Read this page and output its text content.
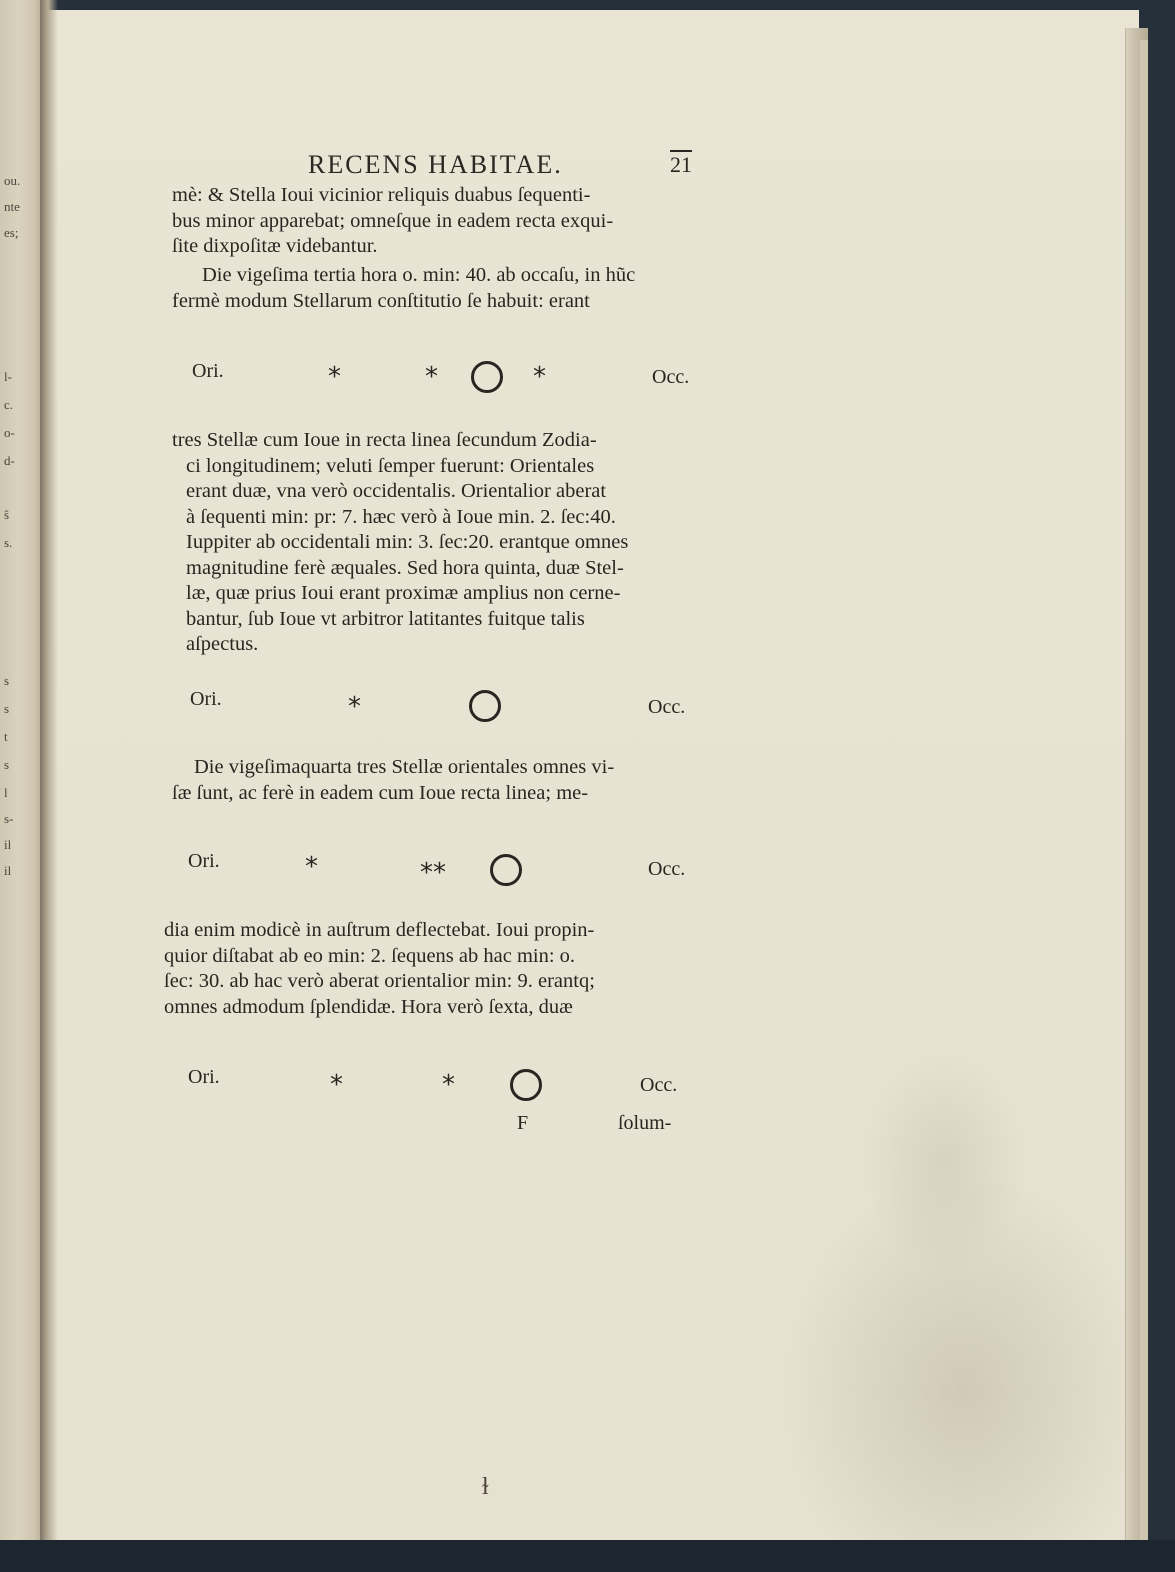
ou.
nte
es;
l-
c.
o-
d-
ŝ
s.
s
s
t
s
l
s-
il
il
RECENS HABITAE.	21
mè: & Stella Ioui vicinior reliquis duabus ſequenti-
bus minor apparebat; omneſque in eadem recta exqui-
ſite dixpoſitæ videbantur.
Die vigeſima tertia hora o. min: 40. ab occaſu, in hũc
fermè modum Stellarum conſtitutio ſe habuit: erant
Ori.	*	*	*	Occ.
tres Stellæ cum Ioue in recta linea ſecundum Zodia-
ci longitudinem; veluti ſemper fuerunt: Orientales
erant duæ, vna verò occidentalis. Orientalior aberat
à ſequenti min: pr: 7. hæc verò à Ioue min. 2. ſec:40.
Iuppiter ab occidentali min: 3. ſec:20. erantque omnes
magnitudine ferè æquales. Sed hora quinta, duæ Stel-
læ, quæ prius Ioui erant proximæ amplius non cerne-
bantur, ſub Ioue vt arbitror latitantes fuitque talis
aſpectus.
Ori.	*	Occ.
Die vigeſimaquarta tres Stellæ orientales omnes vi-
ſæ ſunt, ac ferè in eadem cum Ioue recta linea; me-
Ori.	*	**	Occ.
dia enim modicè in auſtrum deflectebat. Ioui propin-
quior diſtabat ab eo min: 2. ſequens ab hac min: o.
ſec: 30. ab hac verò aberat orientalior min: 9. erantq;
omnes admodum ſplendidæ. Hora verò ſexta, duæ
Ori.	*	*	Occ.
F	ſolum-
ɫ
